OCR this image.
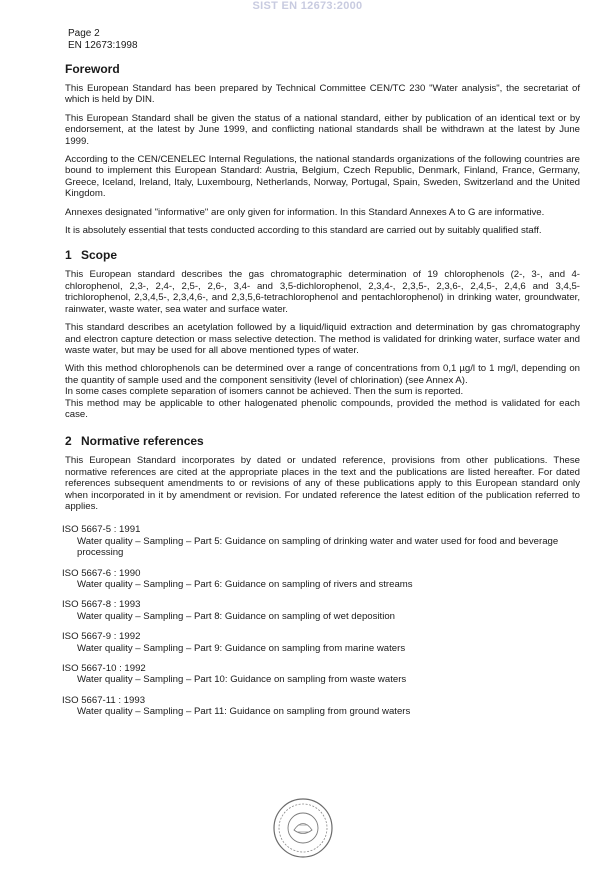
SIST EN 12673:2000
Page 2
EN 12673:1998
Foreword

This European Standard has been prepared by Technical Committee CEN/TC 230 "Water analysis", the secretariat of which is held by DIN.

This European Standard shall be given the status of a national standard, either by publication of an identical text or by endorsement, at the latest by June 1999, and conflicting national standards shall be withdrawn at the latest by June 1999.

According to the CEN/CENELEC Internal Regulations, the national standards organizations of the following countries are bound to implement this European Standard: Austria, Belgium, Czech Republic, Denmark, Finland, France, Germany, Greece, Iceland, Ireland, Italy, Luxembourg, Netherlands, Norway, Portugal, Spain, Sweden, Switzerland and the United Kingdom.

Annexes designated "informative" are only given for information. In this Standard Annexes A to G are informative.

It is absolutely essential that tests conducted according to this standard are carried out by suitably qualified staff.

1 Scope

This European standard describes the gas chromatographic determination of 19 chlorophenols (2-, 3-, and 4-chlorophenol, 2,3-, 2,4-, 2,5-, 2,6-, 3,4- and 3,5-dichlorophenol, 2,3,4-, 2,3,5-, 2,3,6-, 2,4,5-, 2,4,6 and 3,4,5-trichlorophenol, 2,3,4,5-, 2,3,4,6-, and 2,3,5,6-tetrachlorophenol and pentachlorophenol) in drinking water, groundwater, rainwater, waste water, sea water and surface water.

This standard describes an acetylation followed by a liquid/liquid extraction and determination by gas chromatography and electron capture detection or mass selective detection. The method is validated for drinking water, surface water and waste water, but may be used for all above mentioned types of water.

With this method chlorophenols can be determined over a range of concentrations from 0,1 µg/l to 1 mg/l, depending on the quantity of sample used and the component sensitivity (level of chlorination) (see Annex A).
In some cases complete separation of isomers cannot be achieved. Then the sum is reported.
This method may be applicable to other halogenated phenolic compounds, provided the method is validated for each case.

2 Normative references

This European Standard incorporates by dated or undated reference, provisions from other publications. These normative references are cited at the appropriate places in the text and the publications are listed hereafter. For dated references subsequent amendments to or revisions of any of these publications apply to this European standard only when incorporated in it by amendment or revision. For undated reference the latest edition of the publication referred to applies.

ISO 5667-5 : 1991
Water quality – Sampling – Part 5: Guidance on sampling of drinking water and water used for food and beverage processing
ISO 5667-6 : 1990
Water quality – Sampling – Part 6: Guidance on sampling of rivers and streams
ISO 5667-8 : 1993
Water quality – Sampling – Part 8: Guidance on sampling of wet deposition
ISO 5667-9 : 1992
Water quality – Sampling – Part 9: Guidance on sampling from marine waters
ISO 5667-10 : 1992
Water quality – Sampling – Part 10: Guidance on sampling from waste waters
ISO 5667-11 : 1993
Water quality – Sampling – Part 11: Guidance on sampling from ground waters
